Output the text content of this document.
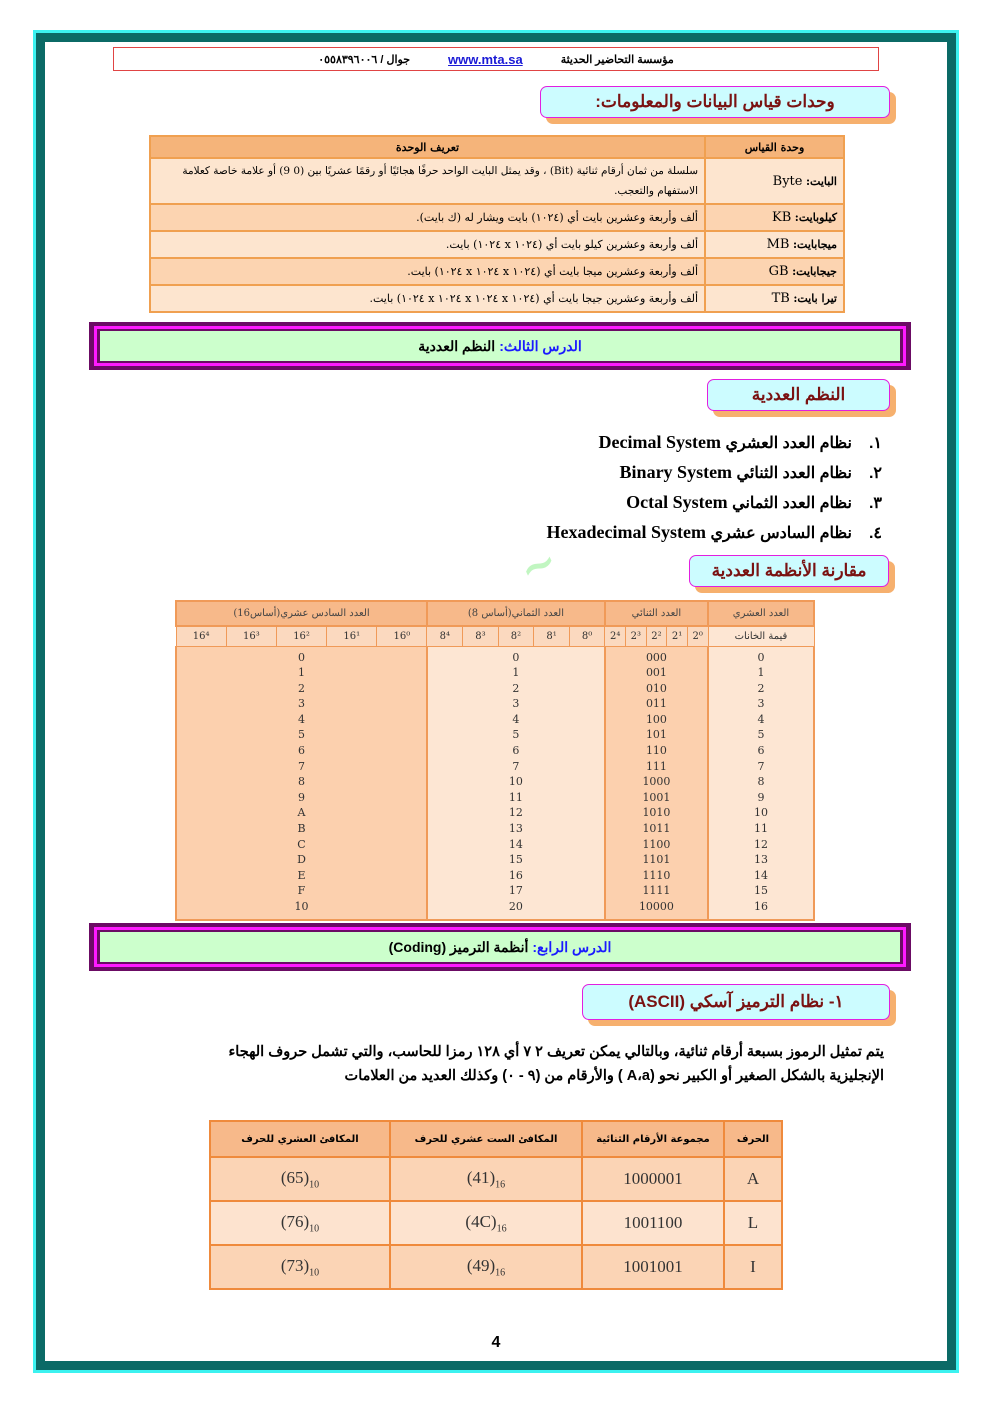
مؤسسة التحاضير الحديثة
www.mta.sa
جوال / ٠٥٥٨٣٩٦٠٠٦
~
وحدات قياس البيانات والمعلومات:
وحدة القياس	تعريف الوحدة
البايت: Byte	سلسلة من ثمان أرقام ثنائية (Bit) ، وقد يمثل البايت الواحد حرفًا هجائيًا أو رقمًا عشريًا بين (0 9) أو علامة خاصة كعلامة الاستفهام والتعجب.
كيلوبايت: KB	ألف وأربعة وعشرين بايت أي (١٠٢٤) بايت ويشار له (ك بايت).
ميجابايت: MB	ألف وأربعة وعشرين كيلو بايت أي (١٠٢٤ x ١٠٢٤) بايت.
جيجابايت: GB	ألف وأربعة وعشرين ميجا بايت أي (١٠٢٤ x ١٠٢٤ x ١٠٢٤) بايت.
تيرا بايت: TB	ألف وأربعة وعشرين جيجا بايت أي (١٠٢٤ x ١٠٢٤ x ١٠٢٤ x ١٠٢٤) بايت.
الدرس الثالث:
النظم العددية
النظم العددية
١.نظام العدد العشري Decimal System
٢.نظام العدد الثنائي Binary System
٣.نظام العدد الثماني Octal System
٤.نظام السادس عشري Hexadecimal System
مقارنة الأنظمة العددية
العدد العشري	العدد الثنائي					العدد الثماني(أساس 8)					العدد السادس عشري(أساس16)				
قيمة الخانات	2⁰	2¹	2²	2³	2⁴	8⁰	8¹	8²	8³	8⁴	16⁰	16¹	16²	16³	16⁴
0	000					0					0				
1	001					1					1				
2	010					2					2				
3	011					3					3				
4	100					4					4				
5	101					5					5				
6	110					6					6				
7	111					7					7				
8	1000					10					8				
9	1001					11					9				
10	1010					12					A				
11	1011					13					B				
12	1100					14					C				
13	1101					15					D				
14	1110					16					E				
15	1111					17					F				
16	10000					20					10				
الدرس الرابع:
أنظمة الترميز (Coding)
١- نظام الترميز آسكي (ASCII)

يتم تمثيل الرموز بسبعة أرقام ثنائية، وبالتالي يمكن تعريف ٢ ٧ أي ١٢٨ رمزا للحاسب، والتي تشمل حروف الهجاء الإنجليزية بالشكل الصغير أو الكبير نحو (A،a ) والأرقام من (٩ - ٠) وكذلك العديد من العلامات

الحرف	مجموعة الأرقام الثنائية	المكافئ الست عشري للحرف	المكافئ العشري للحرف
A	1000001	$(41)_{16}$	$(65)_{10}$
L	1001100	$(4C)_{16}$	$(76)_{10}$
I	1001001	$(49)_{16}$	$(73)_{10}$
4
